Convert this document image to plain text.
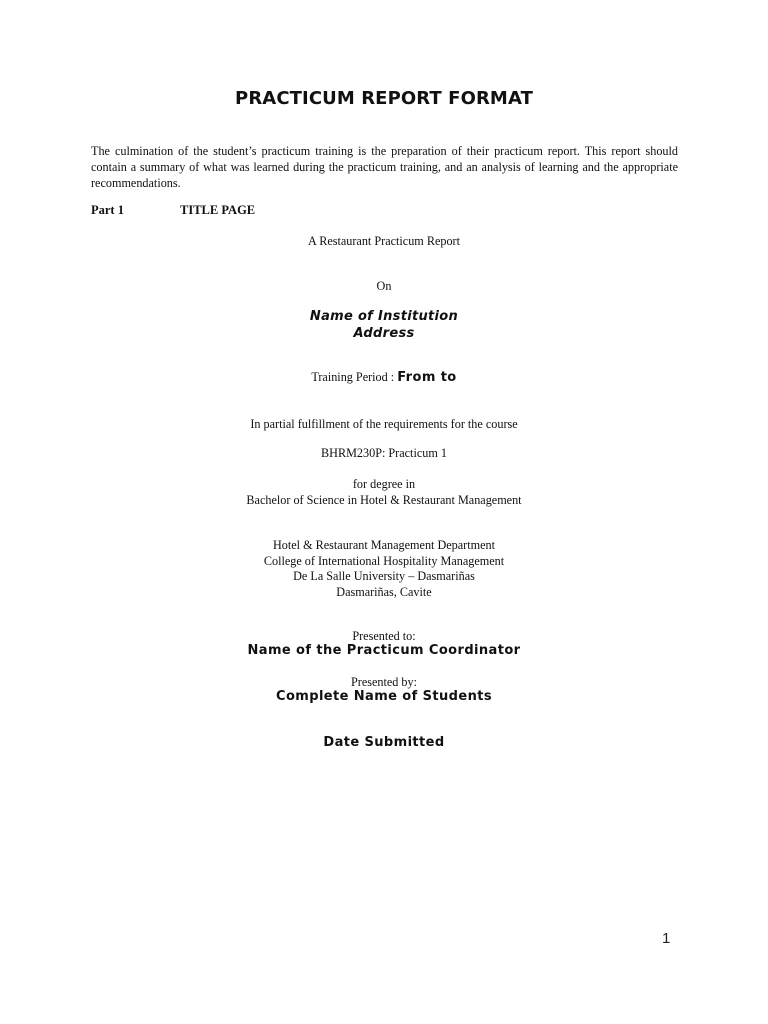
PRACTICUM REPORT FORMAT
The culmination of the student’s practicum training is the preparation of their practicum report. This report should contain a summary of what was learned during the practicum training, and an analysis of learning and the appropriate recommendations.
Part 1	TITLE PAGE
A Restaurant Practicum Report
On
Name of Institution
Address
Training Period : From to
In partial fulfillment of the requirements for the course
BHRM230P: Practicum 1
for degree in
Bachelor of Science in Hotel & Restaurant Management
Hotel & Restaurant Management Department
College of International Hospitality Management
De La Salle University – Dasmariñas
Dasmariñas, Cavite
Presented to:
Name of the Practicum Coordinator
Presented by:
Complete Name of Students
Date Submitted
1
